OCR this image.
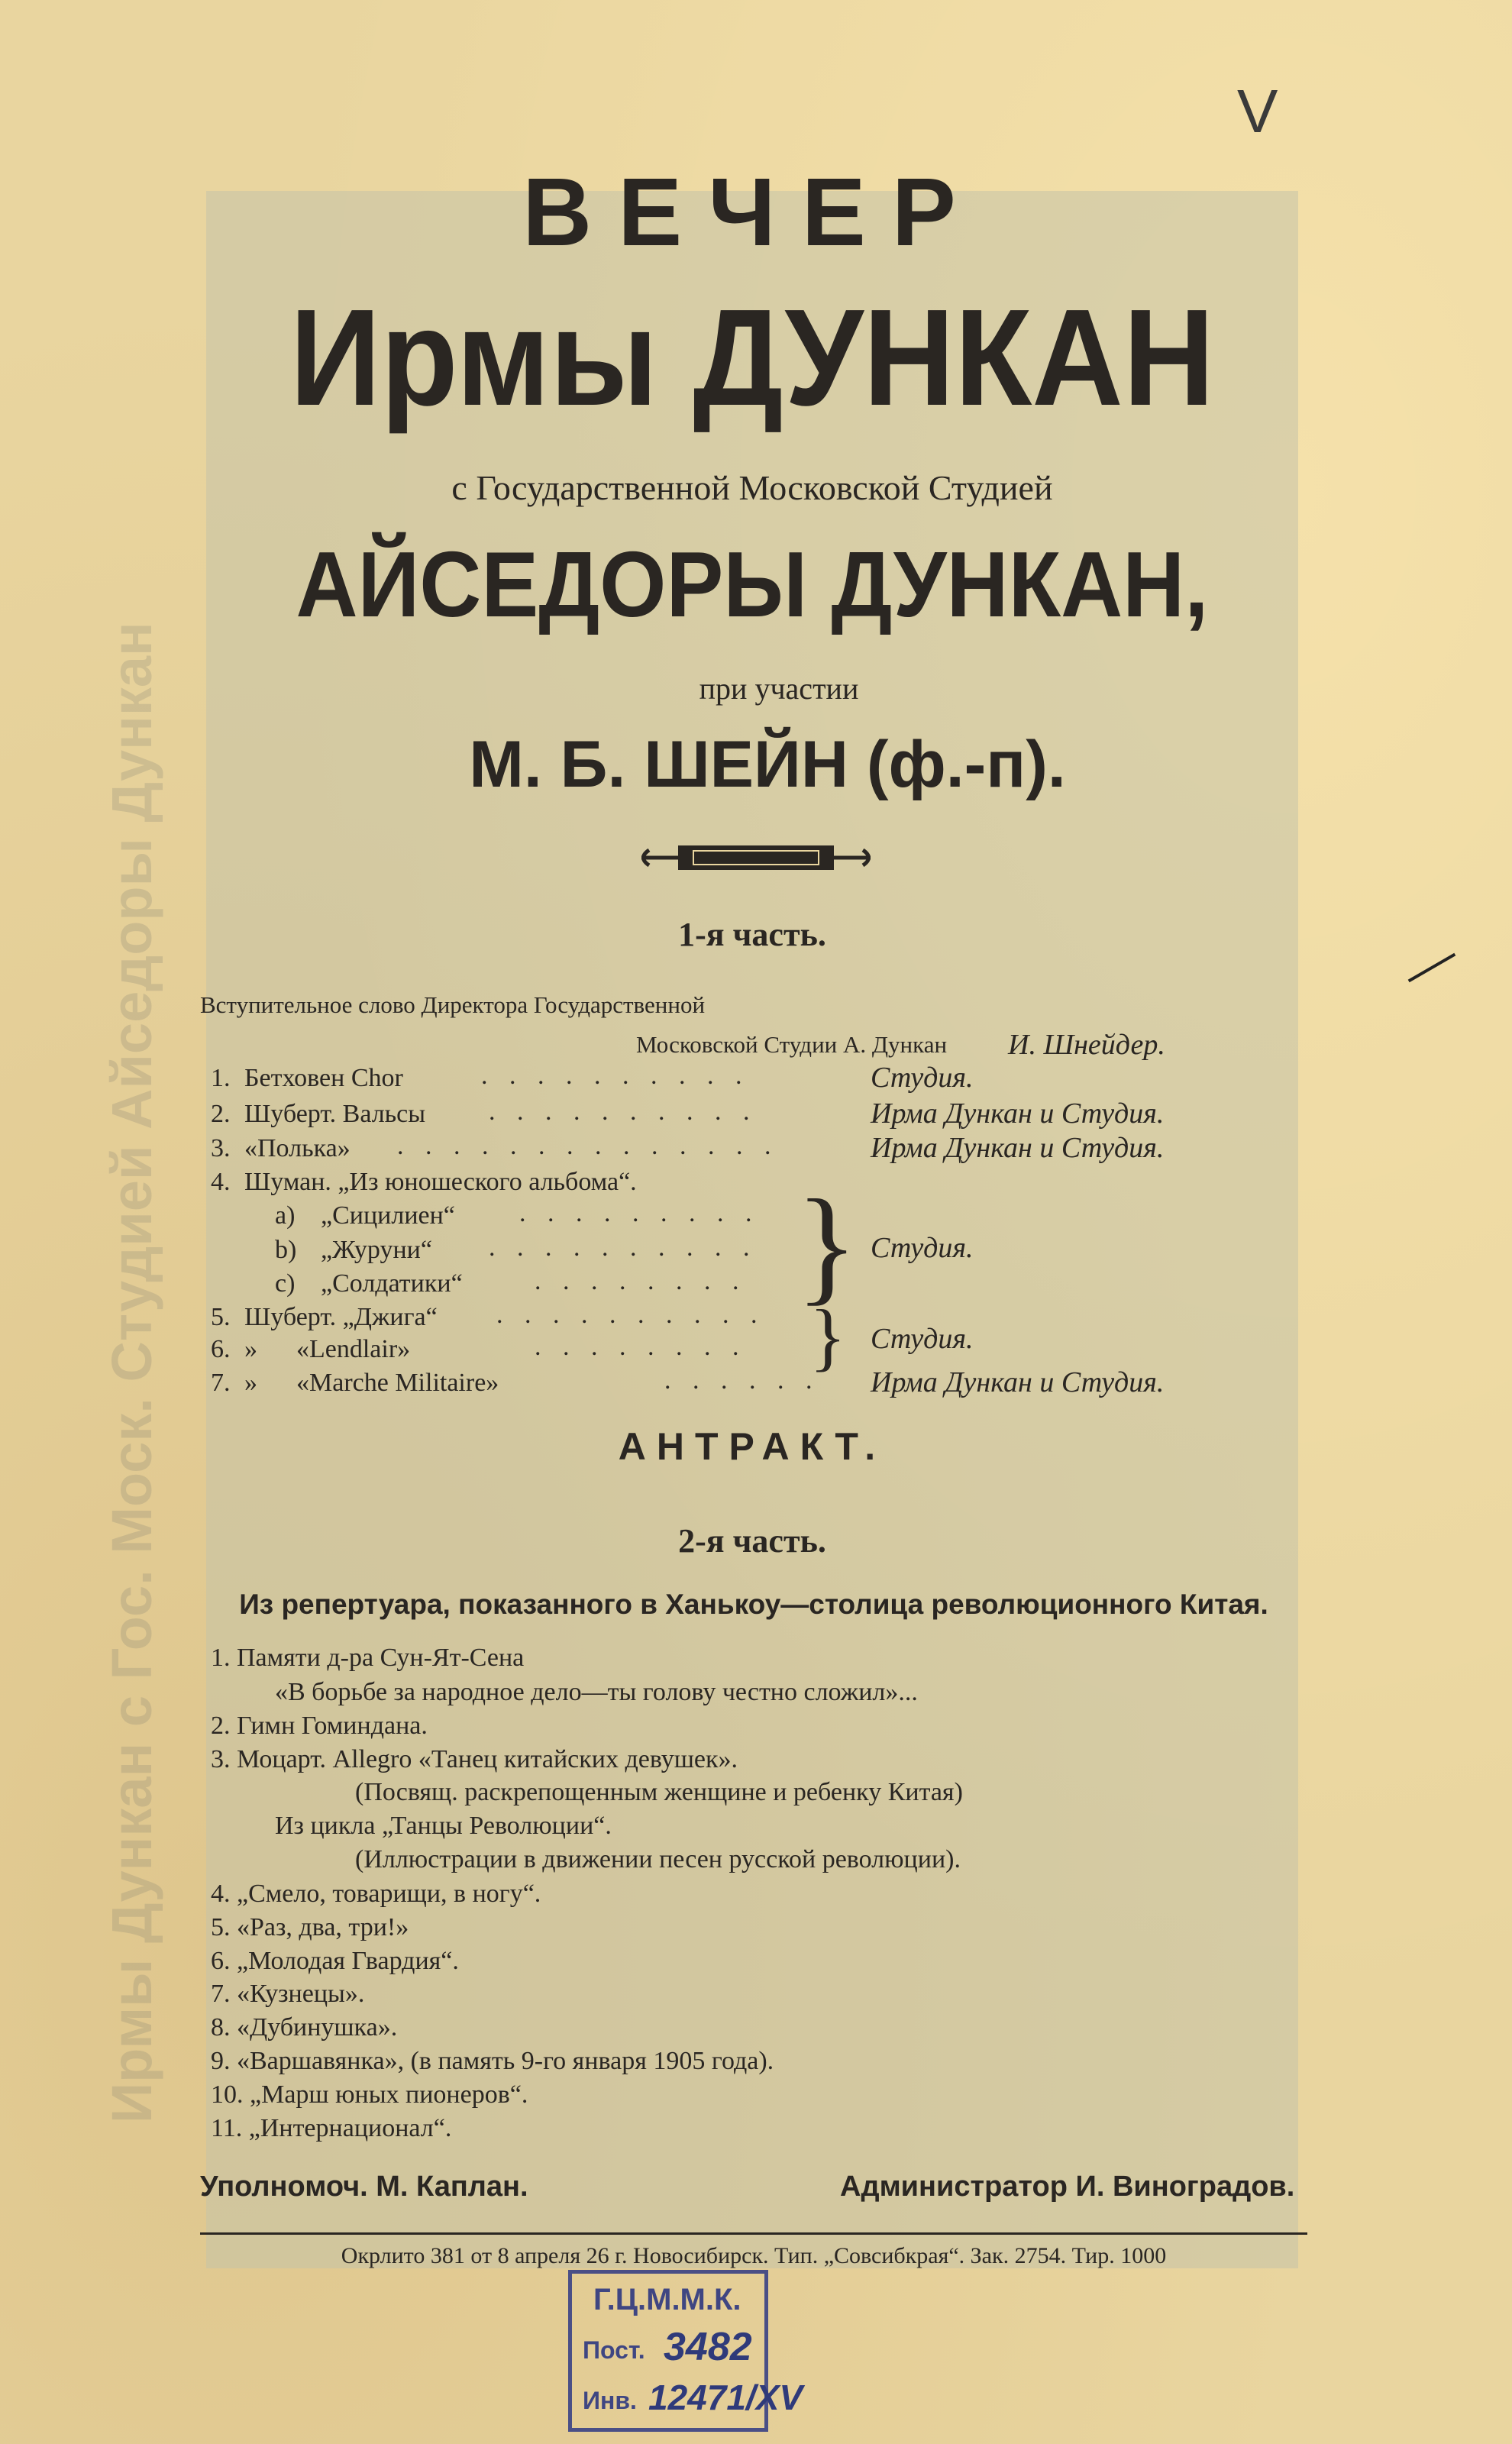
Ирмы Дункан с Гос. Моск. Студией Айседоры Дункан
V
ВЕЧЕР
Ирмы ДУНКАН
с Государственной Московской Студией
АЙСЕДОРЫ ДУНКАН,
при участии
М. Б. ШЕЙН (ф.-п).
1-я часть.
Вступительное слово Директора Государственной
Московской Студии А. Дункан И. Шнейдер.
1. Бетховен Chor	. . . . . . . . . .	Студия.
2. Шуберт. Вальсы . . . . . . . . . .	Ирма Дункан и Студия.
3. «Полька» . . . . . . . . . . . . . .	Ирма Дункан и Студия.
4. Шуман. „Из юношеского альбома“.
a) „Сицилиен“ . . . . . . . . .
b) „Журуни“ . . . . . . . . . .
c) „Солдатики“	. . . . . . . . } Студия.
5. Шуберт. „Джига“ . . . . . . . . . .
6. »      «Lendlair»	. . . . . . . . } Студия.
7. »      «Marche Militaire»	. . . . . . Ирма Дункан и Студия.
АНТРАКТ.
2-я часть.
Из репертуара, показанного в Ханькоу—столица революционного Китая.
1. Памяти д-ра Сун-Ят-Сена
«В борьбе за народное дело—ты голову честно сложил»...
2. Гимн Гоминдана.
3. Моцарт. Allegro «Танец китайских девушек».
(Посвящ. раскрепощенным женщине и ребенку Китая)
Из цикла „Танцы Революции“.
(Иллюстрации в движении песен русской революции).
4. „Смело, товарищи, в ногу“.
5. «Раз, два, три!»
6. „Молодая Гвардия“.
7. «Кузнецы».
8. «Дубинушка».
9. «Варшавянка», (в память 9-го января 1905 года).
10. „Марш юных пионеров“.
11. „Интернационал“.
Уполномоч. М. Каплан.	Администратор И. Виноградов.
Окрлито 381 от 8 апреля 26 г. Новосибирск. Тип. „Совсибкрая“. Зак. 2754. Тир. 1000
Г.Ц.М.М.К.
Пост. 3482
Инв. 12471/XV
